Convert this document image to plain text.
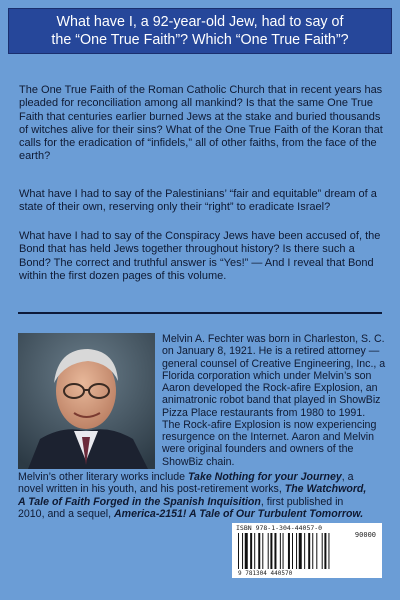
What have I, a 92-year-old Jew, had to say of
the “One True Faith”? Which “One True Faith”?

The One True Faith of the Roman Catholic Church that in recent years has pleaded for reconciliation among all mankind? Is that the same One True Faith that centuries earlier burned Jews at the stake and buried thousands of witches alive for their sins? What of the One True Faith of the Koran that calls for the eradication of “infidels,” all of other faiths, from the face of the earth?

What have I had to say of the Palestinians’ “fair and equitable” dream of a state of their own, reserving only their “right” to eradicate Israel?

What have I had to say of the Conspiracy Jews have been accused of, the Bond that has held Jews together throughout history? Is there such a Bond? The correct and truthful answer is “Yes!” — And I reveal that Bond within the first dozen pages of this volume.

Melvin A. Fechter was born in Charleston, S. C. on January 8, 1921. He is a retired attorney — general counsel of Creative Engineering, Inc., a Florida corporation which under Melvin’s son Aaron developed the Rock-afire Explosion, an animatronic robot band that played in ShowBiz Pizza Place restaurants from 1980 to 1991. The Rock-afire Explosion is now experiencing resurgence on the Internet. Aaron and Melvin were original founders and owners of the ShowBiz chain.

Melvin’s other literary works include Take Nothing for your Journey, a novel written in his youth, and his post-retirement works, The Watchword, A Tale of Faith Forged in the Spanish Inquisition, first published in 2010, and a sequel, America-2151! A Tale of Our Turbulent Tomorrow.

ISBN 978-1-304-44057-0
90000
9 781304 440570
